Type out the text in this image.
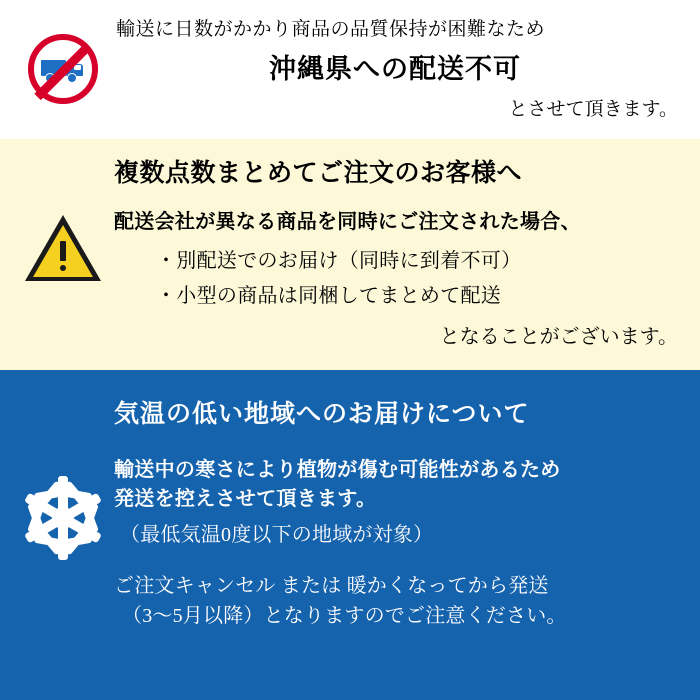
輸送に日数がかかり商品の品質保持が困難なため
沖縄県への配送不可
とさせて頂きます。
複数点数まとめてご注文のお客様へ
配送会社が異なる商品を同時にご注文された場合、
・別配送でのお届け（同時に到着不可）
・小型の商品は同梱してまとめて配送
となることがございます。
気温の低い地域へのお届けについて
輸送中の寒さにより植物が傷む可能性があるため
発送を控えさせて頂きます。
（最低気温0度以下の地域が対象）
ご注文キャンセル または 暖かくなってから発送
（3〜5月以降）となりますのでご注意ください。
